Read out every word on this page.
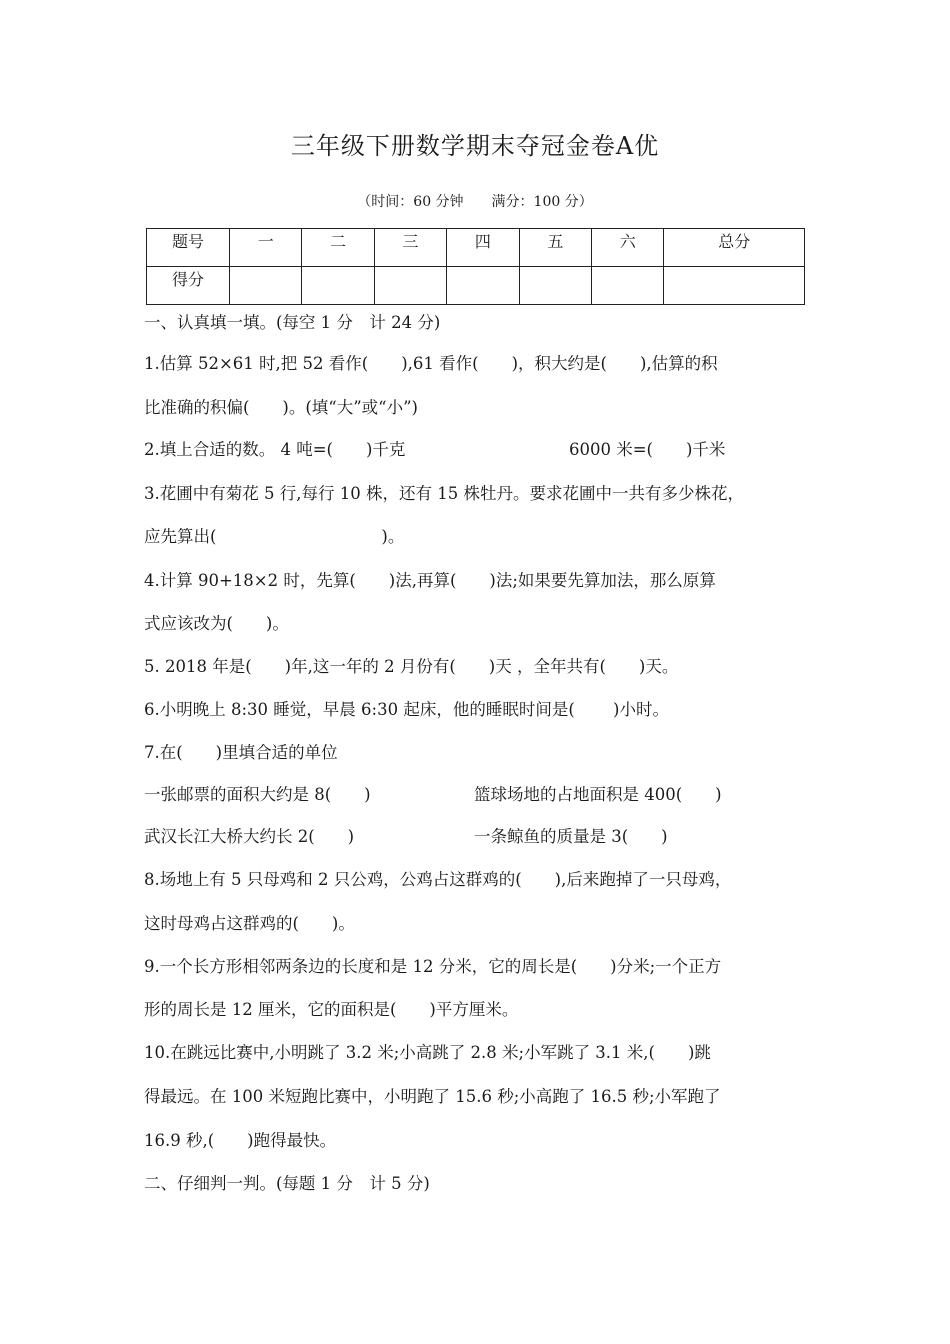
三年级下册数学期末夺冠金卷A优
（时间：60 分钟 满分：100 分）
题号	一	二	三	四	五	六	总分
得分							
一、认真填一填。(每空 1 分　计 24 分)
1.估算 52×61 时,把 52 看作(　　),61 看作(　　)，积大约是(　　),估算的积
比准确的积偏(　　)。(填“大”或“小”)
2.填上合适的数。 4 吨=(　　)千克	6000 米=(　　)千米
3.花圃中有菊花 5 行,每行 10 株，还有 15 株牡丹。要求花圃中一共有多少株花，
应先算出(　　　　　　　　　　)。
4.计算 90+18×2 时，先算(　　)法,再算(　　)法;如果要先算加法，那么原算
式应该改为(　　)。
5. 2018 年是(　　)年,这一年的 2 月份有(　　)天 ，全年共有(　　)天。
6.小明晚上 8:30 睡觉，早晨 6:30 起床，他的睡眠时间是(　　 )小时。
7.在(　　)里填合适的单位
一张邮票的面积大约是 8(　　)	篮球场地的占地面积是 400(　　)
武汉长江大桥大约长 2(　　)	一条鲸鱼的质量是 3(　　)
8.场地上有 5 只母鸡和 2 只公鸡，公鸡占这群鸡的(　　),后来跑掉了一只母鸡，
这时母鸡占这群鸡的(　　)。
9.一个长方形相邻两条边的长度和是 12 分米，它的周长是(　　)分米;一个正方
形的周长是 12 厘米，它的面积是(　　)平方厘米。
10.在跳远比赛中,小明跳了 3.2 米;小高跳了 2.8 米;小军跳了 3.1 米,(　　)跳
得最远。在 100 米短跑比赛中，小明跑了 15.6 秒;小高跑了 16.5 秒;小军跑了
16.9 秒,(　　)跑得最快。
二、仔细判一判。(每题 1 分　计 5 分)
